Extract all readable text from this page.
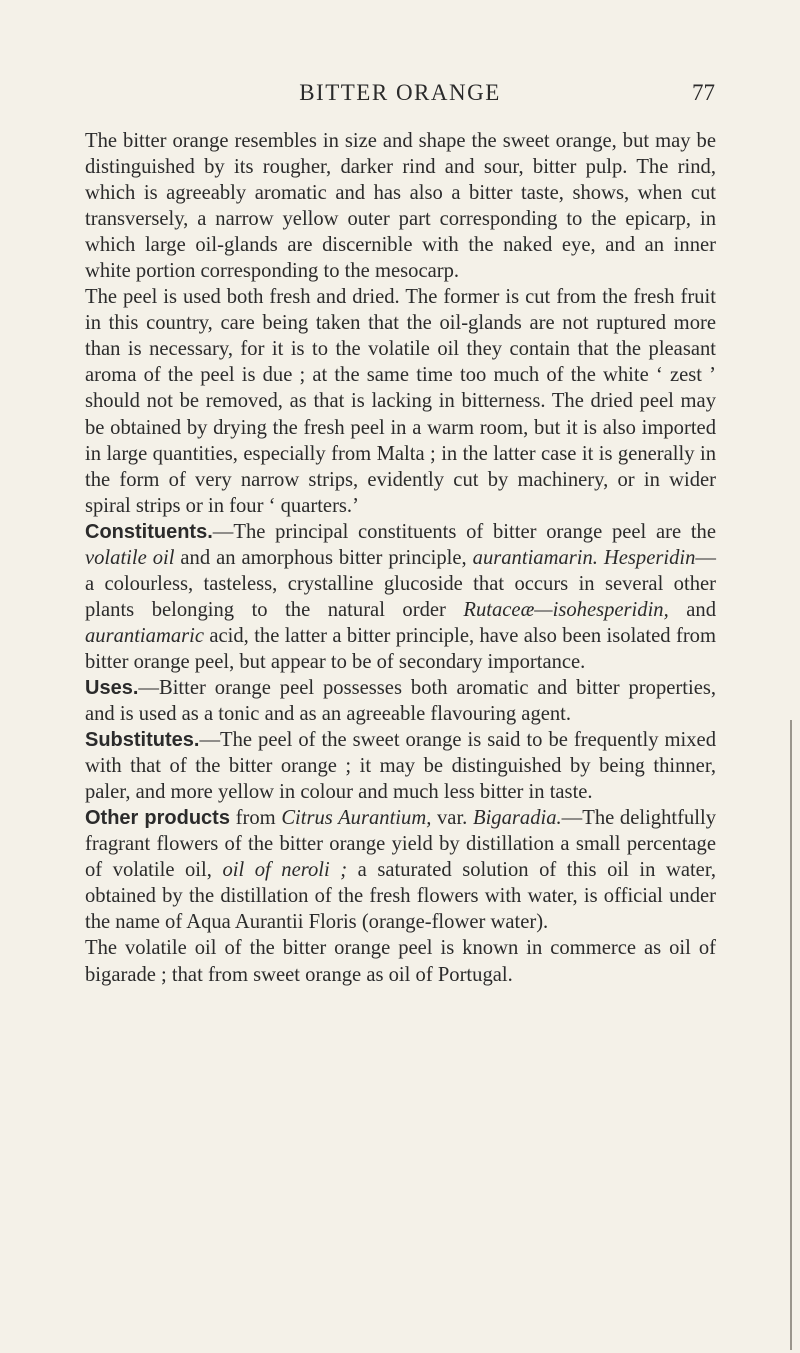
BITTER ORANGE	77

The bitter orange resembles in size and shape the sweet orange, but may be distinguished by its rougher, darker rind and sour, bitter pulp. The rind, which is agreeably aromatic and has also a bitter taste, shows, when cut transversely, a narrow yellow outer part corresponding to the epicarp, in which large oil-glands are discernible with the naked eye, and an inner white portion corresponding to the mesocarp.

The peel is used both fresh and dried. The former is cut from the fresh fruit in this country, care being taken that the oil-glands are not ruptured more than is necessary, for it is to the volatile oil they contain that the pleasant aroma of the peel is due ; at the same time too much of the white ‘ zest ’ should not be removed, as that is lacking in bitterness. The dried peel may be obtained by drying the fresh peel in a warm room, but it is also imported in large quantities, especially from Malta ; in the latter case it is generally in the form of very narrow strips, evidently cut by machinery, or in wider spiral strips or in four ‘ quarters.’

Constituents.—The principal constituents of bitter orange peel are the volatile oil and an amorphous bitter principle, aurantiamarin. Hesperidin—a colourless, tasteless, crystalline glucoside that occurs in several other plants belonging to the natural order Rutaceæ—isohesperidin, and aurantiamaric acid, the latter a bitter principle, have also been isolated from bitter orange peel, but appear to be of secondary importance.

Uses.—Bitter orange peel possesses both aromatic and bitter properties, and is used as a tonic and as an agreeable flavouring agent.

Substitutes.—The peel of the sweet orange is said to be frequently mixed with that of the bitter orange ; it may be distinguished by being thinner, paler, and more yellow in colour and much less bitter in taste.

Other products from Citrus Aurantium, var. Bigaradia.—The delightfully fragrant flowers of the bitter orange yield by distillation a small percentage of volatile oil, oil of neroli ; a saturated solution of this oil in water, obtained by the distillation of the fresh flowers with water, is official under the name of Aqua Aurantii Floris (orange-flower water).

The volatile oil of the bitter orange peel is known in commerce as oil of bigarade ; that from sweet orange as oil of Portugal.
